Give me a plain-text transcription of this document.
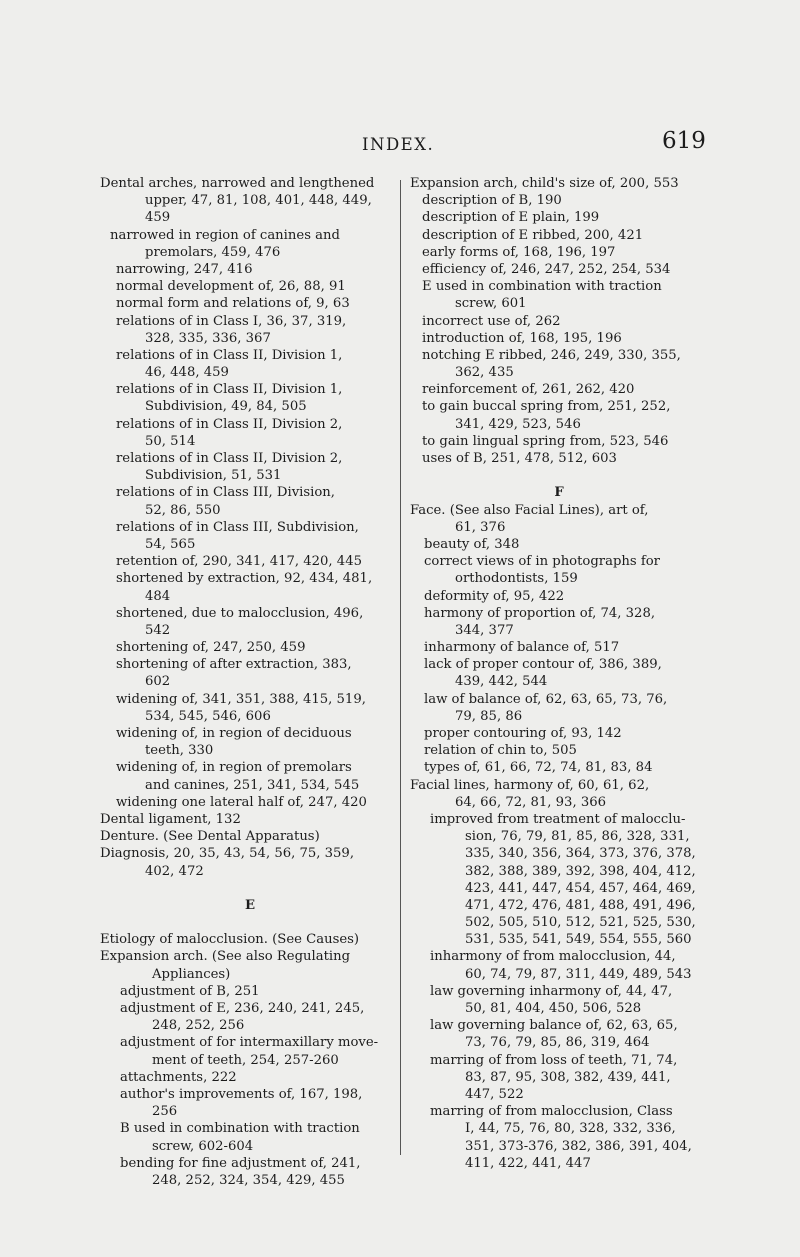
INDEX.	619
Dental arches, narrowed and lengthened
upper, 47, 81, 108, 401, 448, 449,
459
narrowed in region of canines and
premolars, 459, 476
narrowing, 247, 416
normal development of, 26, 88, 91
normal form and relations of, 9, 63
relations of in Class I, 36, 37, 319,
328, 335, 336, 367
relations of in Class II, Division 1,
46, 448, 459
relations of in Class II, Division 1,
Subdivision, 49, 84, 505
relations of in Class II, Division 2,
50, 514
relations of in Class II, Division 2,
Subdivision, 51, 531
relations of in Class III, Division,
52, 86, 550
relations of in Class III, Subdivision,
54, 565
retention of, 290, 341, 417, 420, 445
shortened by extraction, 92, 434, 481,
484
shortened, due to malocclusion, 496,
542
shortening of, 247, 250, 459
shortening of after extraction, 383,
602
widening of, 341, 351, 388, 415, 519,
534, 545, 546, 606
widening of, in region of deciduous
teeth, 330
widening of, in region of premolars
and canines, 251, 341, 534, 545
widening one lateral half of, 247, 420
Dental ligament, 132
Denture. (See Dental Apparatus)
Diagnosis, 20, 35, 43, 54, 56, 75, 359,
402, 472
E
Etiology of malocclusion. (See Causes)
Expansion arch. (See also Regulating
Appliances)
adjustment of B, 251
adjustment of E, 236, 240, 241, 245,
248, 252, 256
adjustment of for intermaxillary move-
ment of teeth, 254, 257-260
attachments, 222
author's improvements of, 167, 198,
256
B used in combination with traction
screw, 602-604
bending for fine adjustment of, 241,
248, 252, 324, 354, 429, 455
Expansion arch, child's size of, 200, 553
description of B, 190
description of E plain, 199
description of E ribbed, 200, 421
early forms of, 168, 196, 197
efficiency of, 246, 247, 252, 254, 534
E used in combination with traction
screw, 601
incorrect use of, 262
introduction of, 168, 195, 196
notching E ribbed, 246, 249, 330, 355,
362, 435
reinforcement of, 261, 262, 420
to gain buccal spring from, 251, 252,
341, 429, 523, 546
to gain lingual spring from, 523, 546
uses of B, 251, 478, 512, 603
F
Face. (See also Facial Lines), art of,
61, 376
beauty of, 348
correct views of in photographs for
orthodontists, 159
deformity of, 95, 422
harmony of proportion of, 74, 328,
344, 377
inharmony of balance of, 517
lack of proper contour of, 386, 389,
439, 442, 544
law of balance of, 62, 63, 65, 73, 76,
79, 85, 86
proper contouring of, 93, 142
relation of chin to, 505
types of, 61, 66, 72, 74, 81, 83, 84
Facial lines, harmony of, 60, 61, 62,
64, 66, 72, 81, 93, 366
improved from treatment of malocclu-
sion, 76, 79, 81, 85, 86, 328, 331,
335, 340, 356, 364, 373, 376, 378,
382, 388, 389, 392, 398, 404, 412,
423, 441, 447, 454, 457, 464, 469,
471, 472, 476, 481, 488, 491, 496,
502, 505, 510, 512, 521, 525, 530,
531, 535, 541, 549, 554, 555, 560
inharmony of from malocclusion, 44,
60, 74, 79, 87, 311, 449, 489, 543
law governing inharmony of, 44, 47,
50, 81, 404, 450, 506, 528
law governing balance of, 62, 63, 65,
73, 76, 79, 85, 86, 319, 464
marring of from loss of teeth, 71, 74,
83, 87, 95, 308, 382, 439, 441,
447, 522
marring of from malocclusion, Class
I, 44, 75, 76, 80, 328, 332, 336,
351, 373-376, 382, 386, 391, 404,
411, 422, 441, 447
